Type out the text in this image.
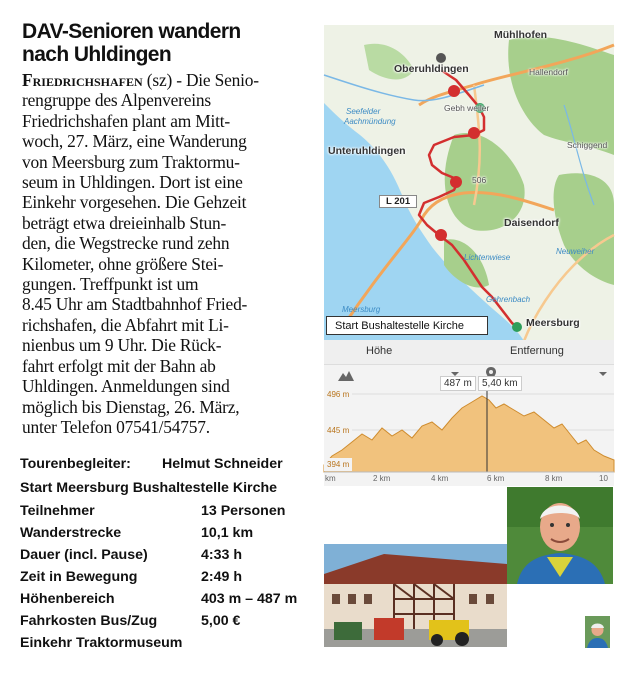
DAV-Senioren wandern
nach Uhldingen
Friedrichshafen (sz) - Die Senio-
rengruppe des Alpenvereins
Friedrichshafen plant am Mitt-
woch, 27. März, eine Wanderung
von Meersburg zum Traktormu-
seum in Uhldingen. Dort ist eine
Einkehr vorgesehen. Die Gehzeit
beträgt etwa dreieinhalb Stun-
den, die Wegstrecke rund zehn
Kilometer, ohne größere Stei-
gungen. Treffpunkt ist um
8.45 Uhr am Stadtbahnhof Fried-
richshafen, die Abfahrt mit Li-
nienbus um 9 Uhr. Die Rück-
fahrt erfolgt mit der Bahn ab
Uhldingen. Anmeldungen sind
möglich bis Dienstag, 26. März,
unter Telefon 07541/54757.
Tourenbegleiter: Helmut Schneider
Start Meersburg Bushaltestelle Kirche
Teilnehmer	13 Personen
Wanderstrecke	10,1 km
Dauer (incl. Pause)	4:33 h
Zeit in Bewegung	2:49 h
Höhenbereich	403 m – 487 m
Fahrkosten Bus/Zug	5,00 €
Einkehr Traktormuseum
Mühlhofen
Oberuhldingen	Hallendorf
Gebh weiler
Unteruhldingen	Schiggend
Daisendorf
Neuweiher
Lichtenwiese
Seefelder
Aachmündung
Gehrenbach
Meersburg
506
L 201
Meersburg
Start Bushaltestelle Kirche
Höhe	Entfernung
487 m	5,40 km
496 m
445 m
394 m
km	2 km	4 km	6 km	8 km	10
